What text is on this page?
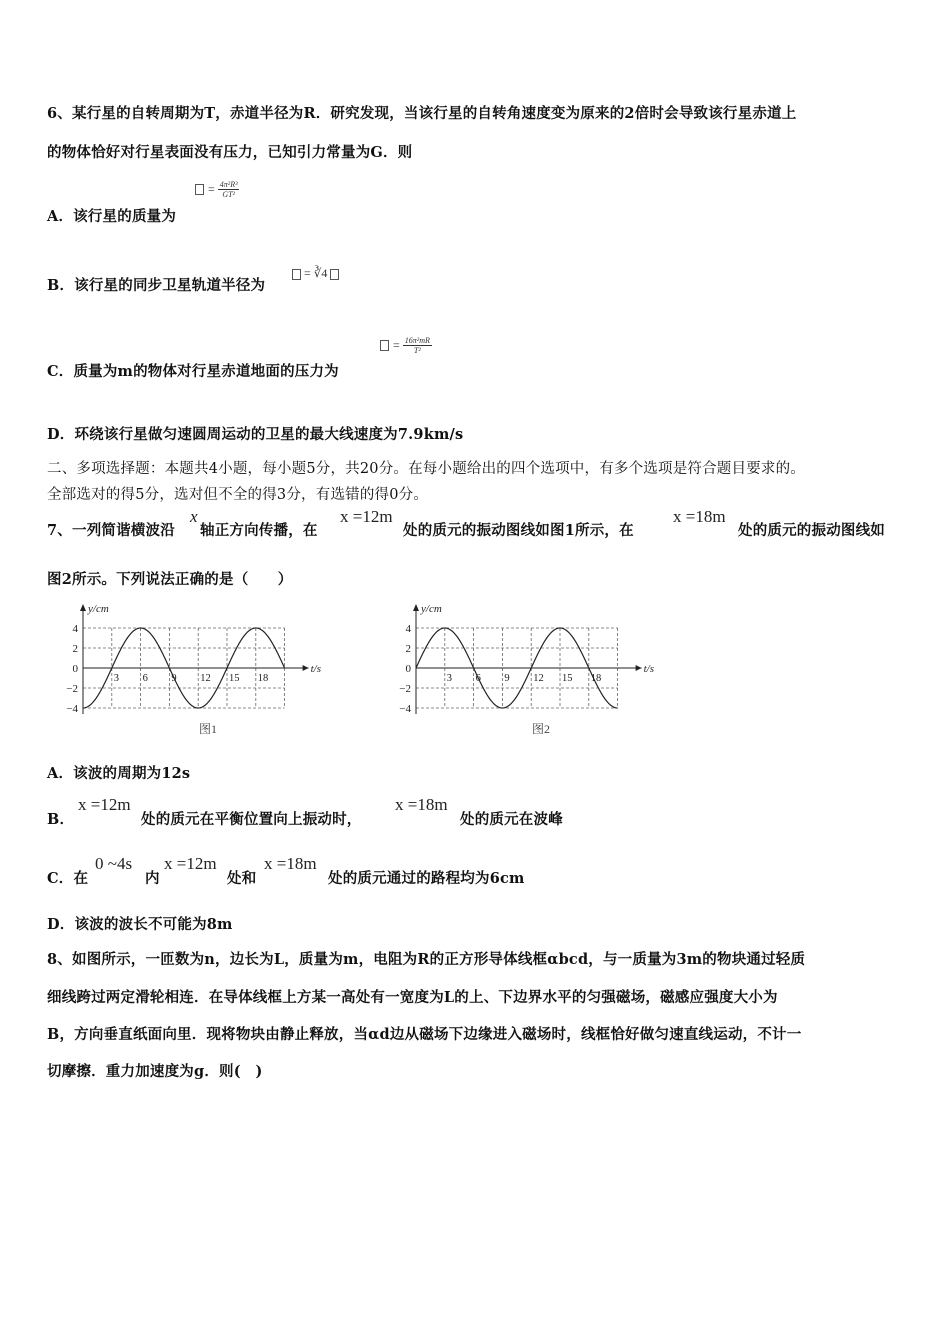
6、某行星的自转周期为T，赤道半径为R．研究发现，当该行星的自转角速度变为原来的2倍时会导致该行星赤道上
的物体恰好对行星表面没有压力，已知引力常量为G．则
A．该行星的质量为
= $\frac{\text{4π²R³}}{\text{GT²}}$
B．该行星的同步卫星轨道半径为
= ∛4
C．质量为m的物体对行星赤道地面的压力为
= $\frac{\text{16π²mR}}{\text{T²}}$
D．环绕该行星做匀速圆周运动的卫星的最大线速度为7.9km/s
二、多项选择题：本题共4小题，每小题5分，共20分。在每小题给出的四个选项中，有多个选项是符合题目要求的。
全部选对的得5分，选对但不全的得3分，有选错的得0分。
7、一列简谐横波沿
x
轴正方向传播，在
x =12m
处的质元的振动图线如图1所示，在
x =18m
处的质元的振动图线如
图2所示。下列说法正确的是（　　）
y/cm
t/s
4
2
0
−2
−4
3 6 9 12 15 18
图1
y/cm
t/s
4
2
0
−2
−4
3 6 9 12 15 18
图2
A．该波的周期为12s
B．
x =12m
处的质元在平衡位置向上振动时，
x =18m
处的质元在波峰
C．在
0 ~4s
内
x =12m
处和
x =18m
处的质元通过的路程均为6cm
D．该波的波长不可能为8m
8、如图所示，一匝数为n，边长为L，质量为m，电阻为R的正方形导体线框αbcd，与一质量为3m的物块通过轻质
细线跨过两定滑轮相连．在导体线框上方某一高处有一宽度为L的上、下边界水平的匀强磁场，磁感应强度大小为
B，方向垂直纸面向里．现将物块由静止释放，当αd边从磁场下边缘进入磁场时，线框恰好做匀速直线运动，不计一
切摩擦．重力加速度为g．则(　)
